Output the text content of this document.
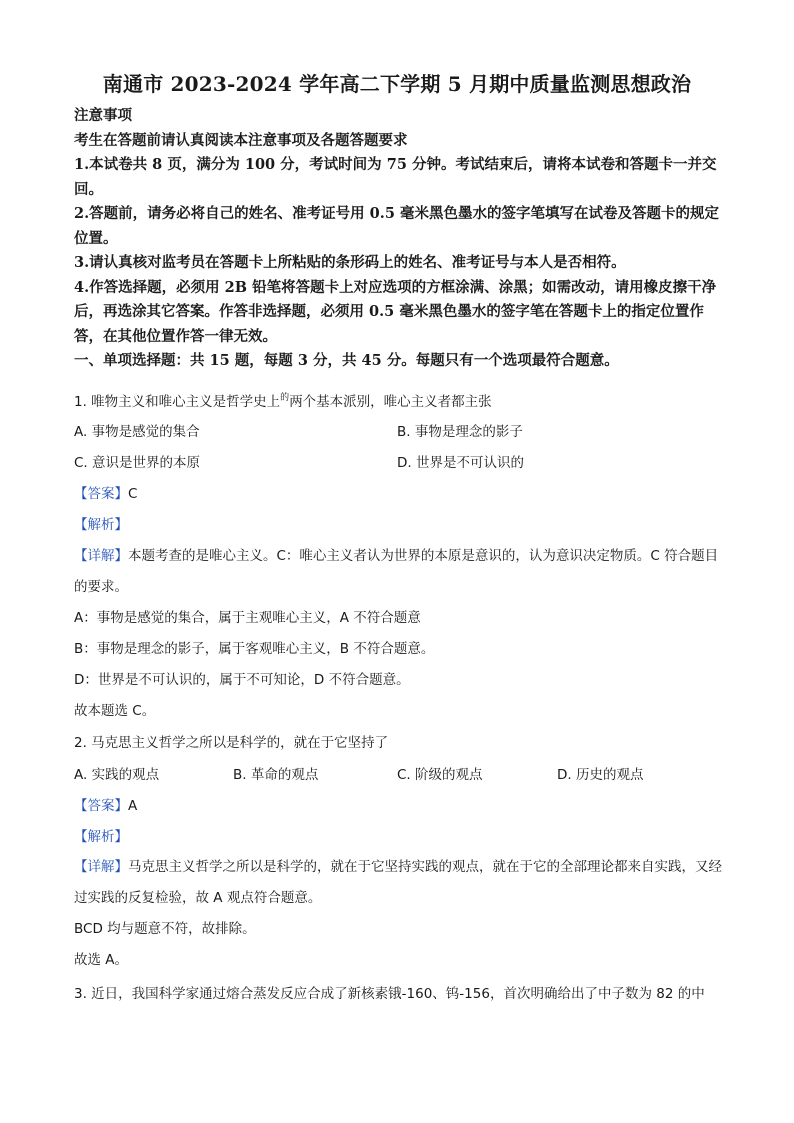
南通市 2023-2024 学年高二下学期 5 月期中质量监测思想政治

注意事项

考生在答题前请认真阅读本注意事项及各题答题要求

1.本试卷共 8 页，满分为 100 分，考试时间为 75 分钟。考试结束后，请将本试卷和答题卡一并交回。

2.答题前，请务必将自己的姓名、准考证号用 0.5 毫米黑色墨水的签字笔填写在试卷及答题卡的规定位置。

3.请认真核对监考员在答题卡上所粘贴的条形码上的姓名、准考证号与本人是否相符。

4.作答选择题，必须用 2B 铅笔将答题卡上对应选项的方框涂满、涂黑；如需改动，请用橡皮擦干净后，再选涂其它答案。作答非选择题，必须用 0.5 毫米黑色墨水的签字笔在答题卡上的指定位置作答，在其他位置作答一律无效。

一、单项选择题：共 15 题，每题 3 分，共 45 分。每题只有一个选项最符合题意。

1. 唯物主义和唯心主义是哲学史上$^的$两个基本派别，唯心主义者都主张

A. 事物是感觉的集合	B. 事物是理念的影子
C. 意识是世界的本原	D. 世界是不可认识的
【答案】C
【解析】

【详解】本题考查的是唯心主义。C：唯心主义者认为世界的本原是意识的，认为意识决定物质。C 符合题目的要求。

A：事物是感觉的集合，属于主观唯心主义，A 不符合题意

B：事物是理念的影子，属于客观唯心主义，B 不符合题意。

D：世界是不可认识的，属于不可知论，D 不符合题意。

故本题选 C。

2. 马克思主义哲学之所以是科学的，就在于它坚持了

A. 实践的观点	B. 革命的观点	C. 阶级的观点	D. 历史的观点
【答案】A
【解析】

【详解】马克思主义哲学之所以是科学的，就在于它坚持实践的观点，就在于它的全部理论都来自实践，又经过实践的反复检验，故 A 观点符合题意。

BCD 均与题意不符，故排除。

故选 A。

3. 近日，我国科学家通过熔合蒸发反应合成了新核素锇-160、钨-156，首次明确给出了中子数为 82 的中
